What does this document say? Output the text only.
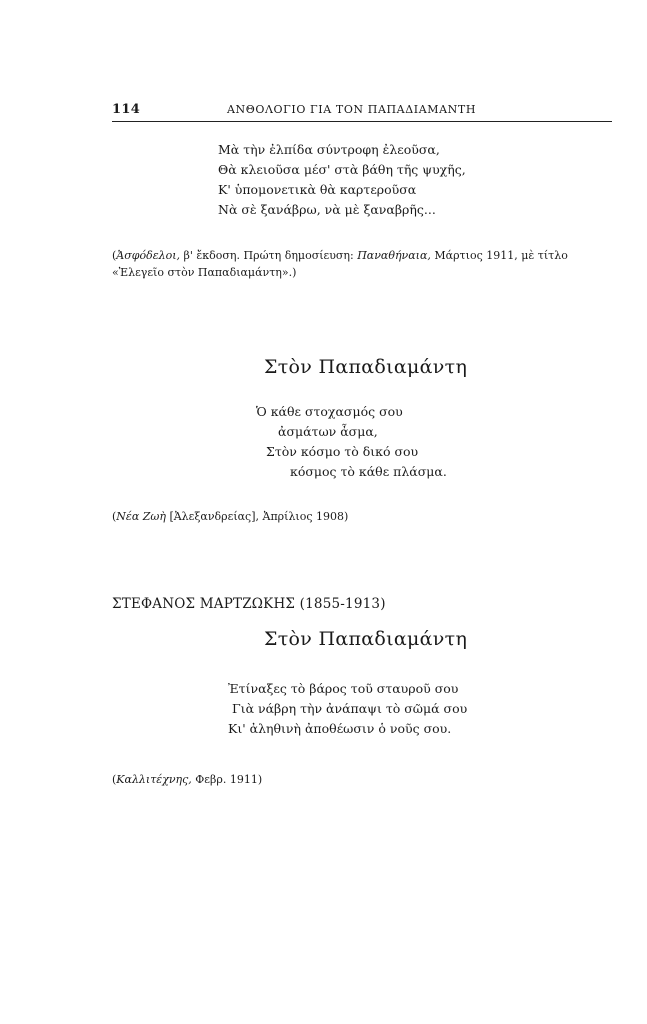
114	ΑΝΘΟΛΟΓΙΟ ΓΙΑ ΤΟΝ ΠΑΠΑΔΙΑΜΑΝΤΗ
Μὰ τὴν ἐλπίδα σύντροφη ἐλεοῦσα,
Θὰ κλειοῦσα μέσ' στὰ βάθη τῆς ψυχῆς,
Κ' ὑπομονετικὰ θὰ καρτεροῦσα
Νὰ σὲ ξανάβρω, νὰ μὲ ξαναβρῆς...
(Ἀσφόδελοι, β' ἔκδοση. Πρώτη δημοσίευση: Παναθήναια, Μάρτιος 1911, μὲ τίτλο
«Ἐλεγεῖο στὸν Παπαδιαμάντη».)
Στὸν Παπαδιαμάντη
Ὁ κάθε στοχασμός σου
ἀσμάτων ἆσμα,
Στὸν κόσμο τὸ δικό σου
κόσμος τὸ κάθε πλάσμα.
(Νέα Ζωὴ [Ἀλεξανδρείας], Ἀπρίλιος 1908)
ΣΤΕΦΑΝΟΣ ΜΑΡΤΖΩΚΗΣ (1855-1913)
Στὸν Παπαδιαμάντη
Ἐτίναξες τὸ βάρος τοῦ σταυροῦ σου
Γιὰ νάβρη τὴν ἀνάπαψι τὸ σῶμά σου
Κι' ἀληθινὴ ἀποθέωσιν ὁ νοῦς σου.
(Καλλιτέχνης, Φεβρ. 1911)
